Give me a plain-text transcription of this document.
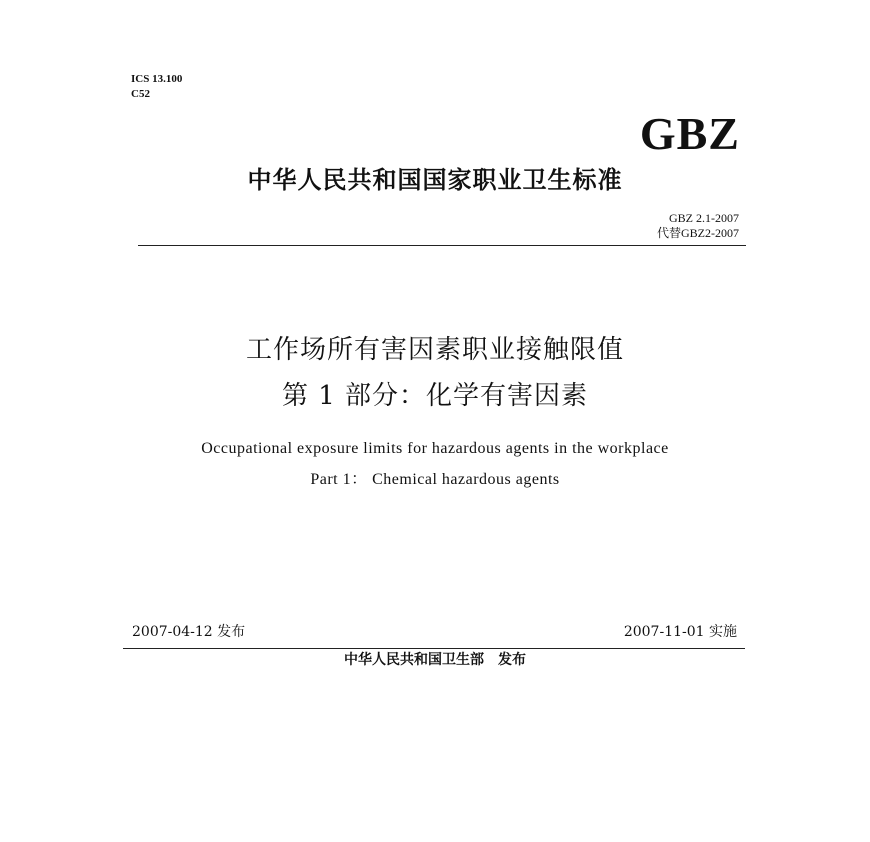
ICS 13.100
C52
GBZ
中华人民共和国国家职业卫生标准
GBZ 2.1-2007
代替GBZ2-2007
工作场所有害因素职业接触限值
第 1 部分：化学有害因素
Occupational exposure limits for hazardous agents in the workplace
Part 1： Chemical hazardous agents
2007-04-12 发布	2007-11-01 实施
中华人民共和国卫生部　发布
